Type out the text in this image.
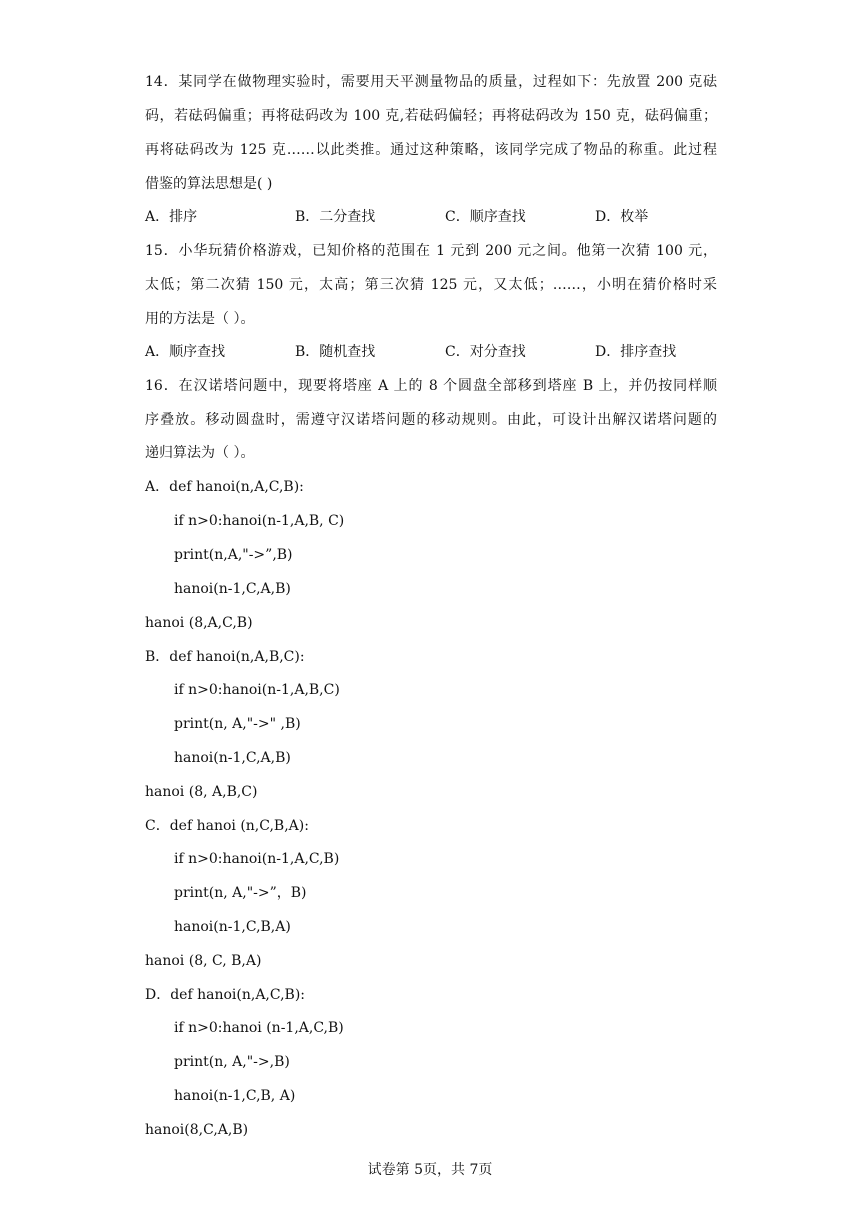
14．某同学在做物理实验时，需要用天平测量物品的质量，过程如下：先放置 200 克砝
码，若砝码偏重；再将砝码改为 100 克,若砝码偏轻；再将砝码改为 150 克，砝码偏重；
再将砝码改为 125 克……以此类推。通过这种策略，该同学完成了物品的称重。此过程
借鉴的算法思想是( )
A．排序	B．二分查找	C．顺序查找	D．枚举
15．小华玩猜价格游戏，已知价格的范围在 1 元到 200 元之间。他第一次猜 100 元，
太低；第二次猜 150 元，太高；第三次猜 125 元，又太低；……，小明在猜价格时采
用的方法是（ ）。
A．顺序查找	B．随机查找	C．对分查找	D．排序查找
16．在汉诺塔问题中，现要将塔座 A 上的 8 个圆盘全部移到塔座 B 上，并仍按同样顺
序叠放。移动圆盘时，需遵守汉诺塔问题的移动规则。由此，可设计出解汉诺塔问题的
递归算法为（ ）。
A．def hanoi(n,A,C,B):
if n>0:hanoi(n-1,A,B, C)
print(n,A,"->”,B)
hanoi(n-1,C,A,B)
hanoi (8,A,C,B)
B．def hanoi(n,A,B,C):
if n>0:hanoi(n-1,A,B,C)
print(n, A,"->" ,B)
hanoi(n-1,C,A,B)
hanoi (8, A,B,C)
C．def hanoi (n,C,B,A):
if n>0:hanoi(n-1,A,C,B)
print(n, A,"->”，B)
hanoi(n-1,C,B,A)
hanoi (8, C, B,A)
D．def hanoi(n,A,C,B):
if n>0:hanoi (n-1,A,C,B)
print(n, A,"->,B)
hanoi(n-1,C,B, A)
hanoi(8,C,A,B)
试卷第 5页，共 7页
